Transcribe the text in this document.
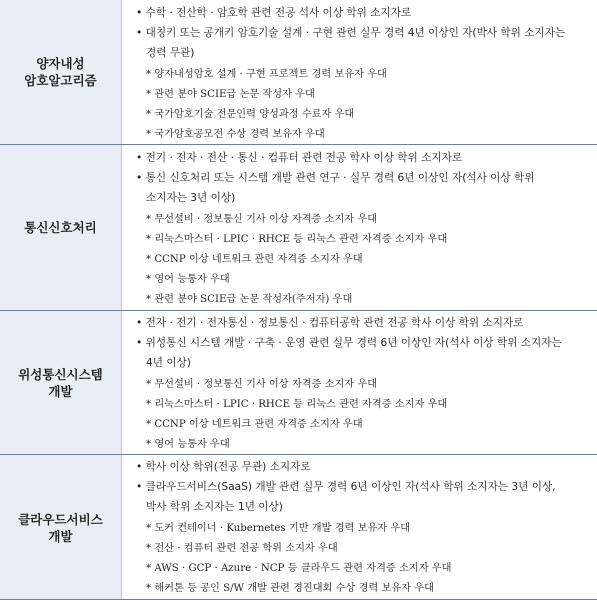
양자내성
암호알고리즘
• 수학 · 전산학 · 암호학 관련 전공 석사 이상 학위 소지자로
• 대칭키 또는 공개키 암호기술 설계 · 구현 관련 실무 경력 4년 이상인 자(박사 학위 소지자는
경력 무관)
* 양자내성암호 설계 · 구현 프로젝트 경력 보유자 우대
* 관련 분야 SCIE급 논문 작성자 우대
* 국가암호기술 전문인력 양성과정 수료자 우대
* 국가암호공모전 수상 경력 보유자 우대
통신신호처리
• 전기 · 전자 · 전산 · 통신 · 컴퓨터 관련 전공 학사 이상 학위 소지자로
• 통신 신호처리 또는 시스템 개발 관련 연구 · 실무 경력 6년 이상인 자(석사 이상 학위
소지자는 3년 이상)
* 무선설비 · 정보통신 기사 이상 자격증 소지자 우대
* 리눅스마스터 · LPIC · RHCE 등 리눅스 관련 자격증 소지자 우대
* CCNP 이상 네트워크 관련 자격증 소지자 우대
* 영어 능통자 우대
* 관련 분야 SCIE급 논문 작성자(주저자) 우대
위성통신시스템
개발
• 전자 · 전기 · 전자통신 · 정보통신 · 컴퓨터공학 관련 전공 학사 이상 학위 소지자로
• 위성통신 시스템 개발 · 구축 · 운영 관련 실무 경력 6년 이상인 자(석사 이상 학위 소지자는
4년 이상)
* 무선설비 · 정보통신 기사 이상 자격증 소지자 우대
* 리눅스마스터 · LPIC · RHCE 등 리눅스 관련 자격증 소지자 우대
* CCNP 이상 네트워크 관련 자격증 소지자 우대
* 영어 능통자 우대
클라우드서비스
개발
• 학사 이상 학위(전공 무관) 소지자로
• 클라우드서비스(SaaS) 개발 관련 실무 경력 6년 이상인 자(석사 학위 소지자는 3년 이상,
박사 학위 소지자는 1년 이상)
* 도커 컨테이너 · Kubernetes 기반 개발 경력 보유자 우대
* 전산 · 컴퓨터 관련 전공 학위 소지자 우대
* AWS · GCP · Azure · NCP 등 클라우드 관련 자격증 소지자 우대
* 해커톤 등 공인 S/W 개발 관련 경진대회 수상 경력 보유자 우대
